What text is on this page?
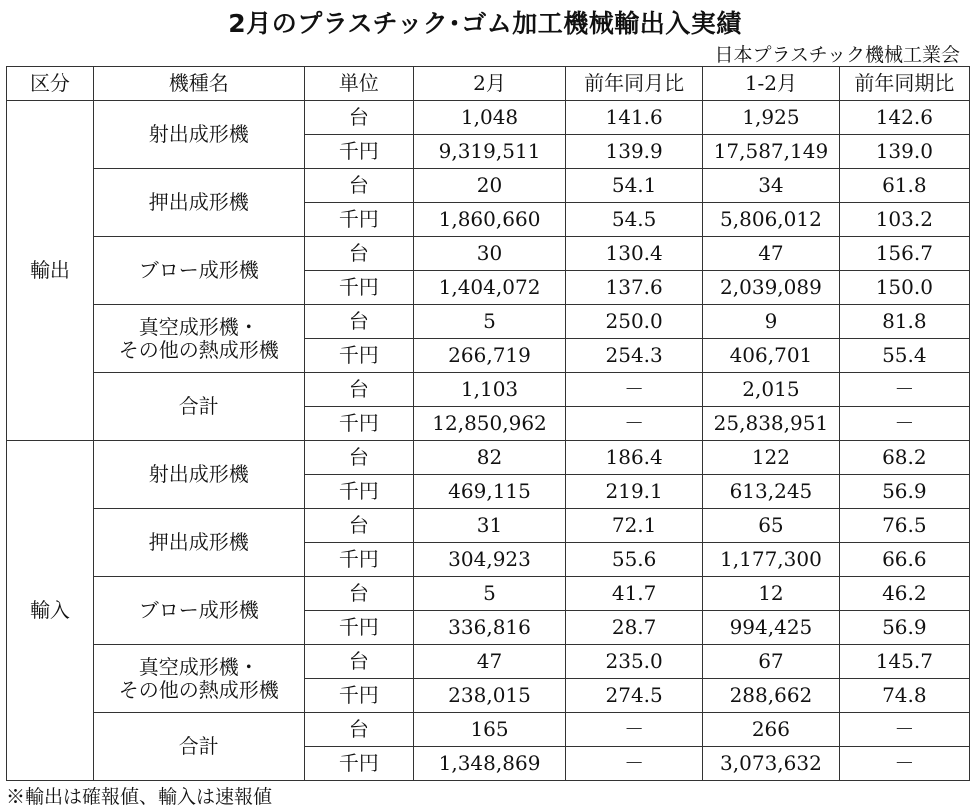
2月のプラスチック･ゴム加工機械輸出入実績
日本プラスチック機械工業会
区分	機種名	単位	2月	前年同月比	1-2月	前年同期比
輸出	射出成形機	台	1,048	141.6	1,925	142.6
		千円	9,319,511	139.9	17,587,149	139.0

	押出成形機	台	20	54.1	34	61.8
		千円	1,860,660	54.5	5,806,012	103.2

	ブロー成形機	台	30	130.4	47	156.7
		千円	1,404,072	137.6	2,039,089	150.0

	真空成形機・
その他の熱成形機	台	5	250.0	9	81.8
		千円	266,719	254.3	406,701	55.4

	合計	台	1,103	－	2,015	－
		千円	12,850,962	－	25,838,951	－
輸入	射出成形機	台	82	186.4	122	68.2
		千円	469,115	219.1	613,245	56.9

	押出成形機	台	31	72.1	65	76.5
		千円	304,923	55.6	1,177,300	66.6

	ブロー成形機	台	5	41.7	12	46.2
		千円	336,816	28.7	994,425	56.9

	真空成形機・
その他の熱成形機	台	47	235.0	67	145.7
		千円	238,015	274.5	288,662	74.8

	合計	台	165	－	266	－
		千円	1,348,869	－	3,073,632	－
※輸出は確報値、輸入は速報値
